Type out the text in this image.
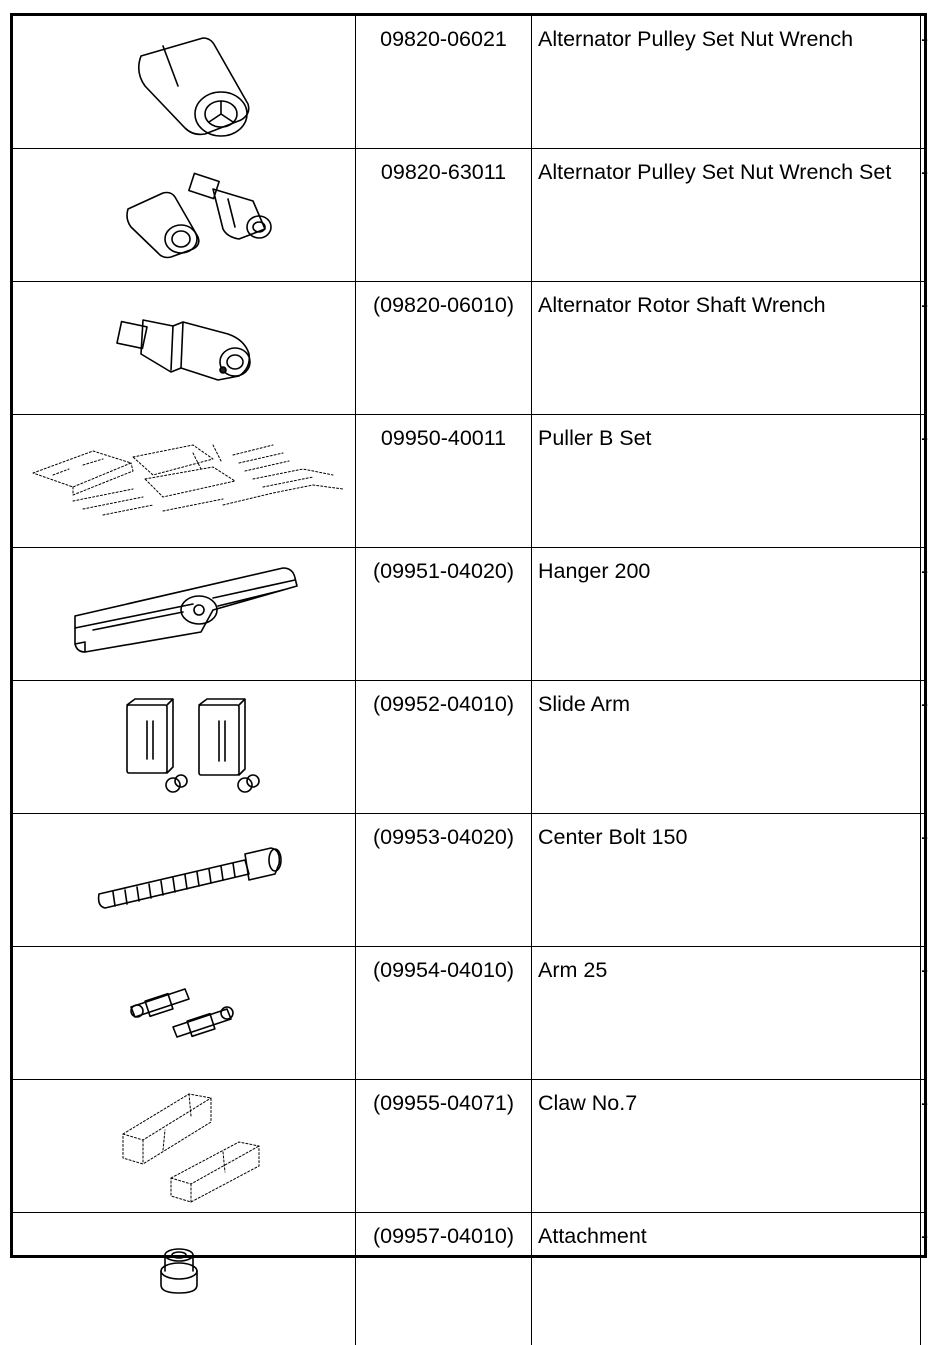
	09820-06021	Alternator Pulley Set Nut Wrench	-

	09820-63011	Alternator Pulley Set Nut Wrench Set	-

	(09820-06010)	Alternator Rotor Shaft Wrench	-

	09950-40011	Puller B Set	-

	(09951-04020)	Hanger 200	-

	(09952-04010)	Slide Arm	-

	(09953-04020)	Center Bolt 150	-

	(09954-04010)	Arm 25	-

	(09955-04071)	Claw No.7	-

	(09957-04010)	Attachment	-
